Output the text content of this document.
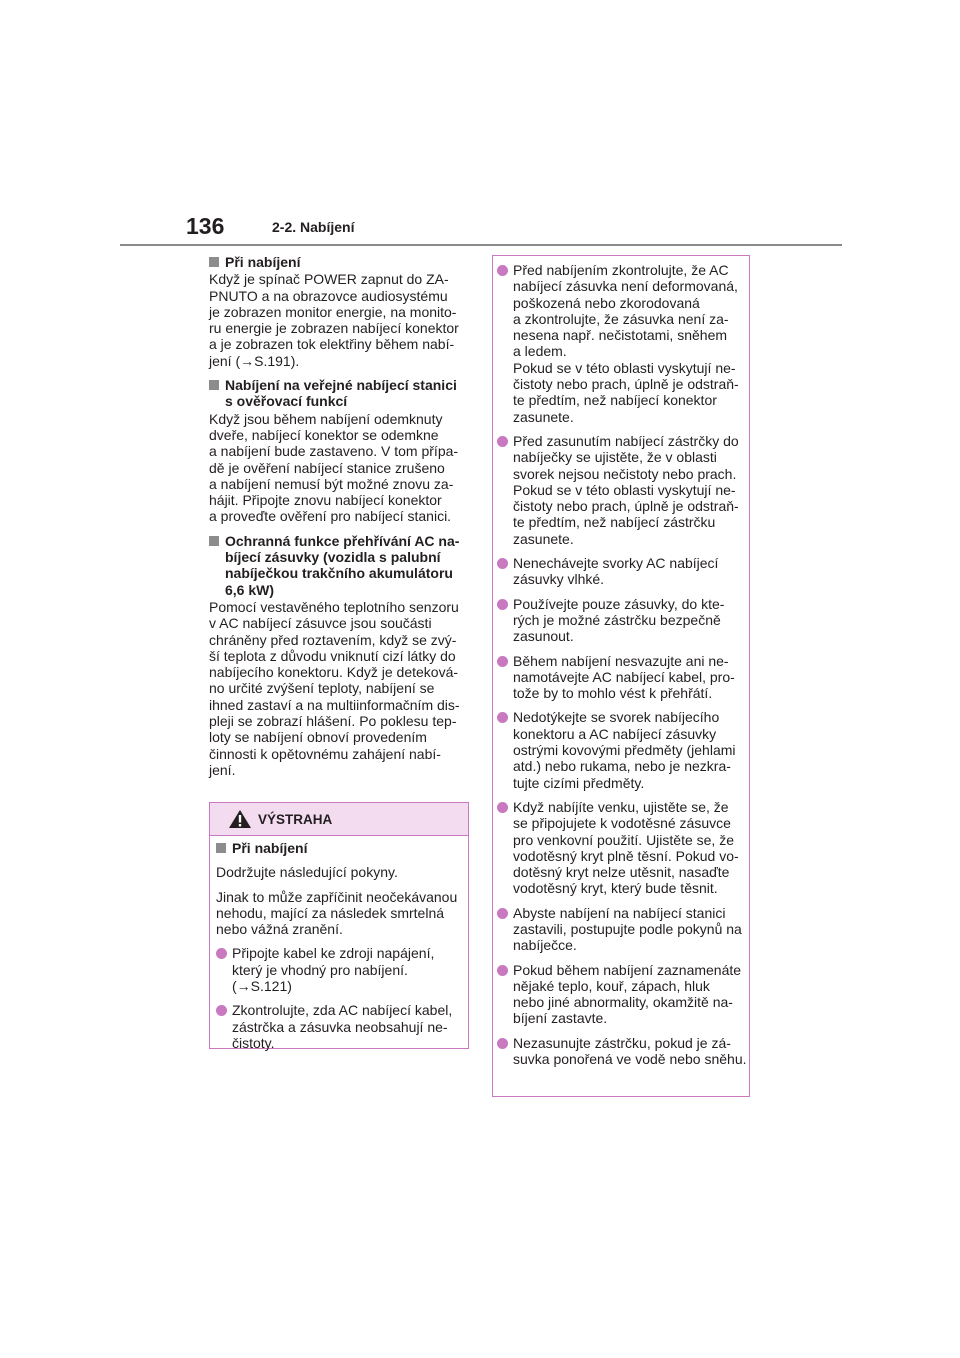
136	2-2. Nabíjení
Při nabíjení
Když je spínač POWER zapnut do ZA-
PNUTO a na obrazovce audiosystému
je zobrazen monitor energie, na monito-
ru energie je zobrazen nabíjecí konektor
a je zobrazen tok elektřiny během nabí-
jení (→S.191).
Nabíjení na veřejné nabíjecí stanici
s ověřovací funkcí
Když jsou během nabíjení odemknuty
dveře, nabíjecí konektor se odemkne
a nabíjení bude zastaveno. V tom přípa-
dě je ověření nabíjecí stanice zrušeno
a nabíjení nemusí být možné znovu za-
hájit. Připojte znovu nabíjecí konektor
a proveďte ověření pro nabíjecí stanici.
Ochranná funkce přehřívání AC na-
bíjecí zásuvky (vozidla s palubní
nabíječkou trakčního akumulátoru
6,6 kW)
Pomocí vestavěného teplotního senzoru
v AC nabíjecí zásuvce jsou součásti
chráněny před roztavením, když se zvý-
ší teplota z důvodu vniknutí cizí látky do
nabíjecího konektoru. Když je deteková-
no určité zvýšení teploty, nabíjení se
ihned zastaví a na multiinformačním dis-
pleji se zobrazí hlášení. Po poklesu tep-
loty se nabíjení obnoví provedením
činnosti k opětovnému zahájení nabí-
jení.
VÝSTRAHA
Při nabíjení
Dodržujte následující pokyny.
Jinak to může zapříčinit neočekávanou
nehodu, mající za následek smrtelná
nebo vážná zranění.
Připojte kabel ke zdroji napájení,
který je vhodný pro nabíjení.
(→S.121)
Zkontrolujte, zda AC nabíjecí kabel,
zástrčka a zásuvka neobsahují ne-
čistoty.
Před nabíjením zkontrolujte, že AC
nabíjecí zásuvka není deformovaná,
poškozená nebo zkorodovaná
a zkontrolujte, že zásuvka není za-
nesena např. nečistotami, sněhem
a ledem.
Pokud se v této oblasti vyskytují ne-
čistoty nebo prach, úplně je odstraň-
te předtím, než nabíjecí konektor
zasunete.
Před zasunutím nabíjecí zástrčky do
nabíječky se ujistěte, že v oblasti
svorek nejsou nečistoty nebo prach.
Pokud se v této oblasti vyskytují ne-
čistoty nebo prach, úplně je odstraň-
te předtím, než nabíjecí zástrčku
zasunete.
Nenechávejte svorky AC nabíjecí
zásuvky vlhké.
Používejte pouze zásuvky, do kte-
rých je možné zástrčku bezpečně
zasunout.
Během nabíjení nesvazujte ani ne-
namotávejte AC nabíjecí kabel, pro-
tože by to mohlo vést k přehřátí.
Nedotýkejte se svorek nabíjecího
konektoru a AC nabíjecí zásuvky
ostrými kovovými předměty (jehlami
atd.) nebo rukama, nebo je nezkra-
tujte cizími předměty.
Když nabíjíte venku, ujistěte se, že
se připojujete k vodotěsné zásuvce
pro venkovní použití. Ujistěte se, že
vodotěsný kryt plně těsní. Pokud vo-
dotěsný kryt nelze utěsnit, nasaďte
vodotěsný kryt, který bude těsnit.
Abyste nabíjení na nabíjecí stanici
zastavili, postupujte podle pokynů na
nabíječce.
Pokud během nabíjení zaznamenáte
nějaké teplo, kouř, zápach, hluk
nebo jiné abnormality, okamžitě na-
bíjení zastavte.
Nezasunujte zástrčku, pokud je zá-
suvka ponořená ve vodě nebo sněhu.
